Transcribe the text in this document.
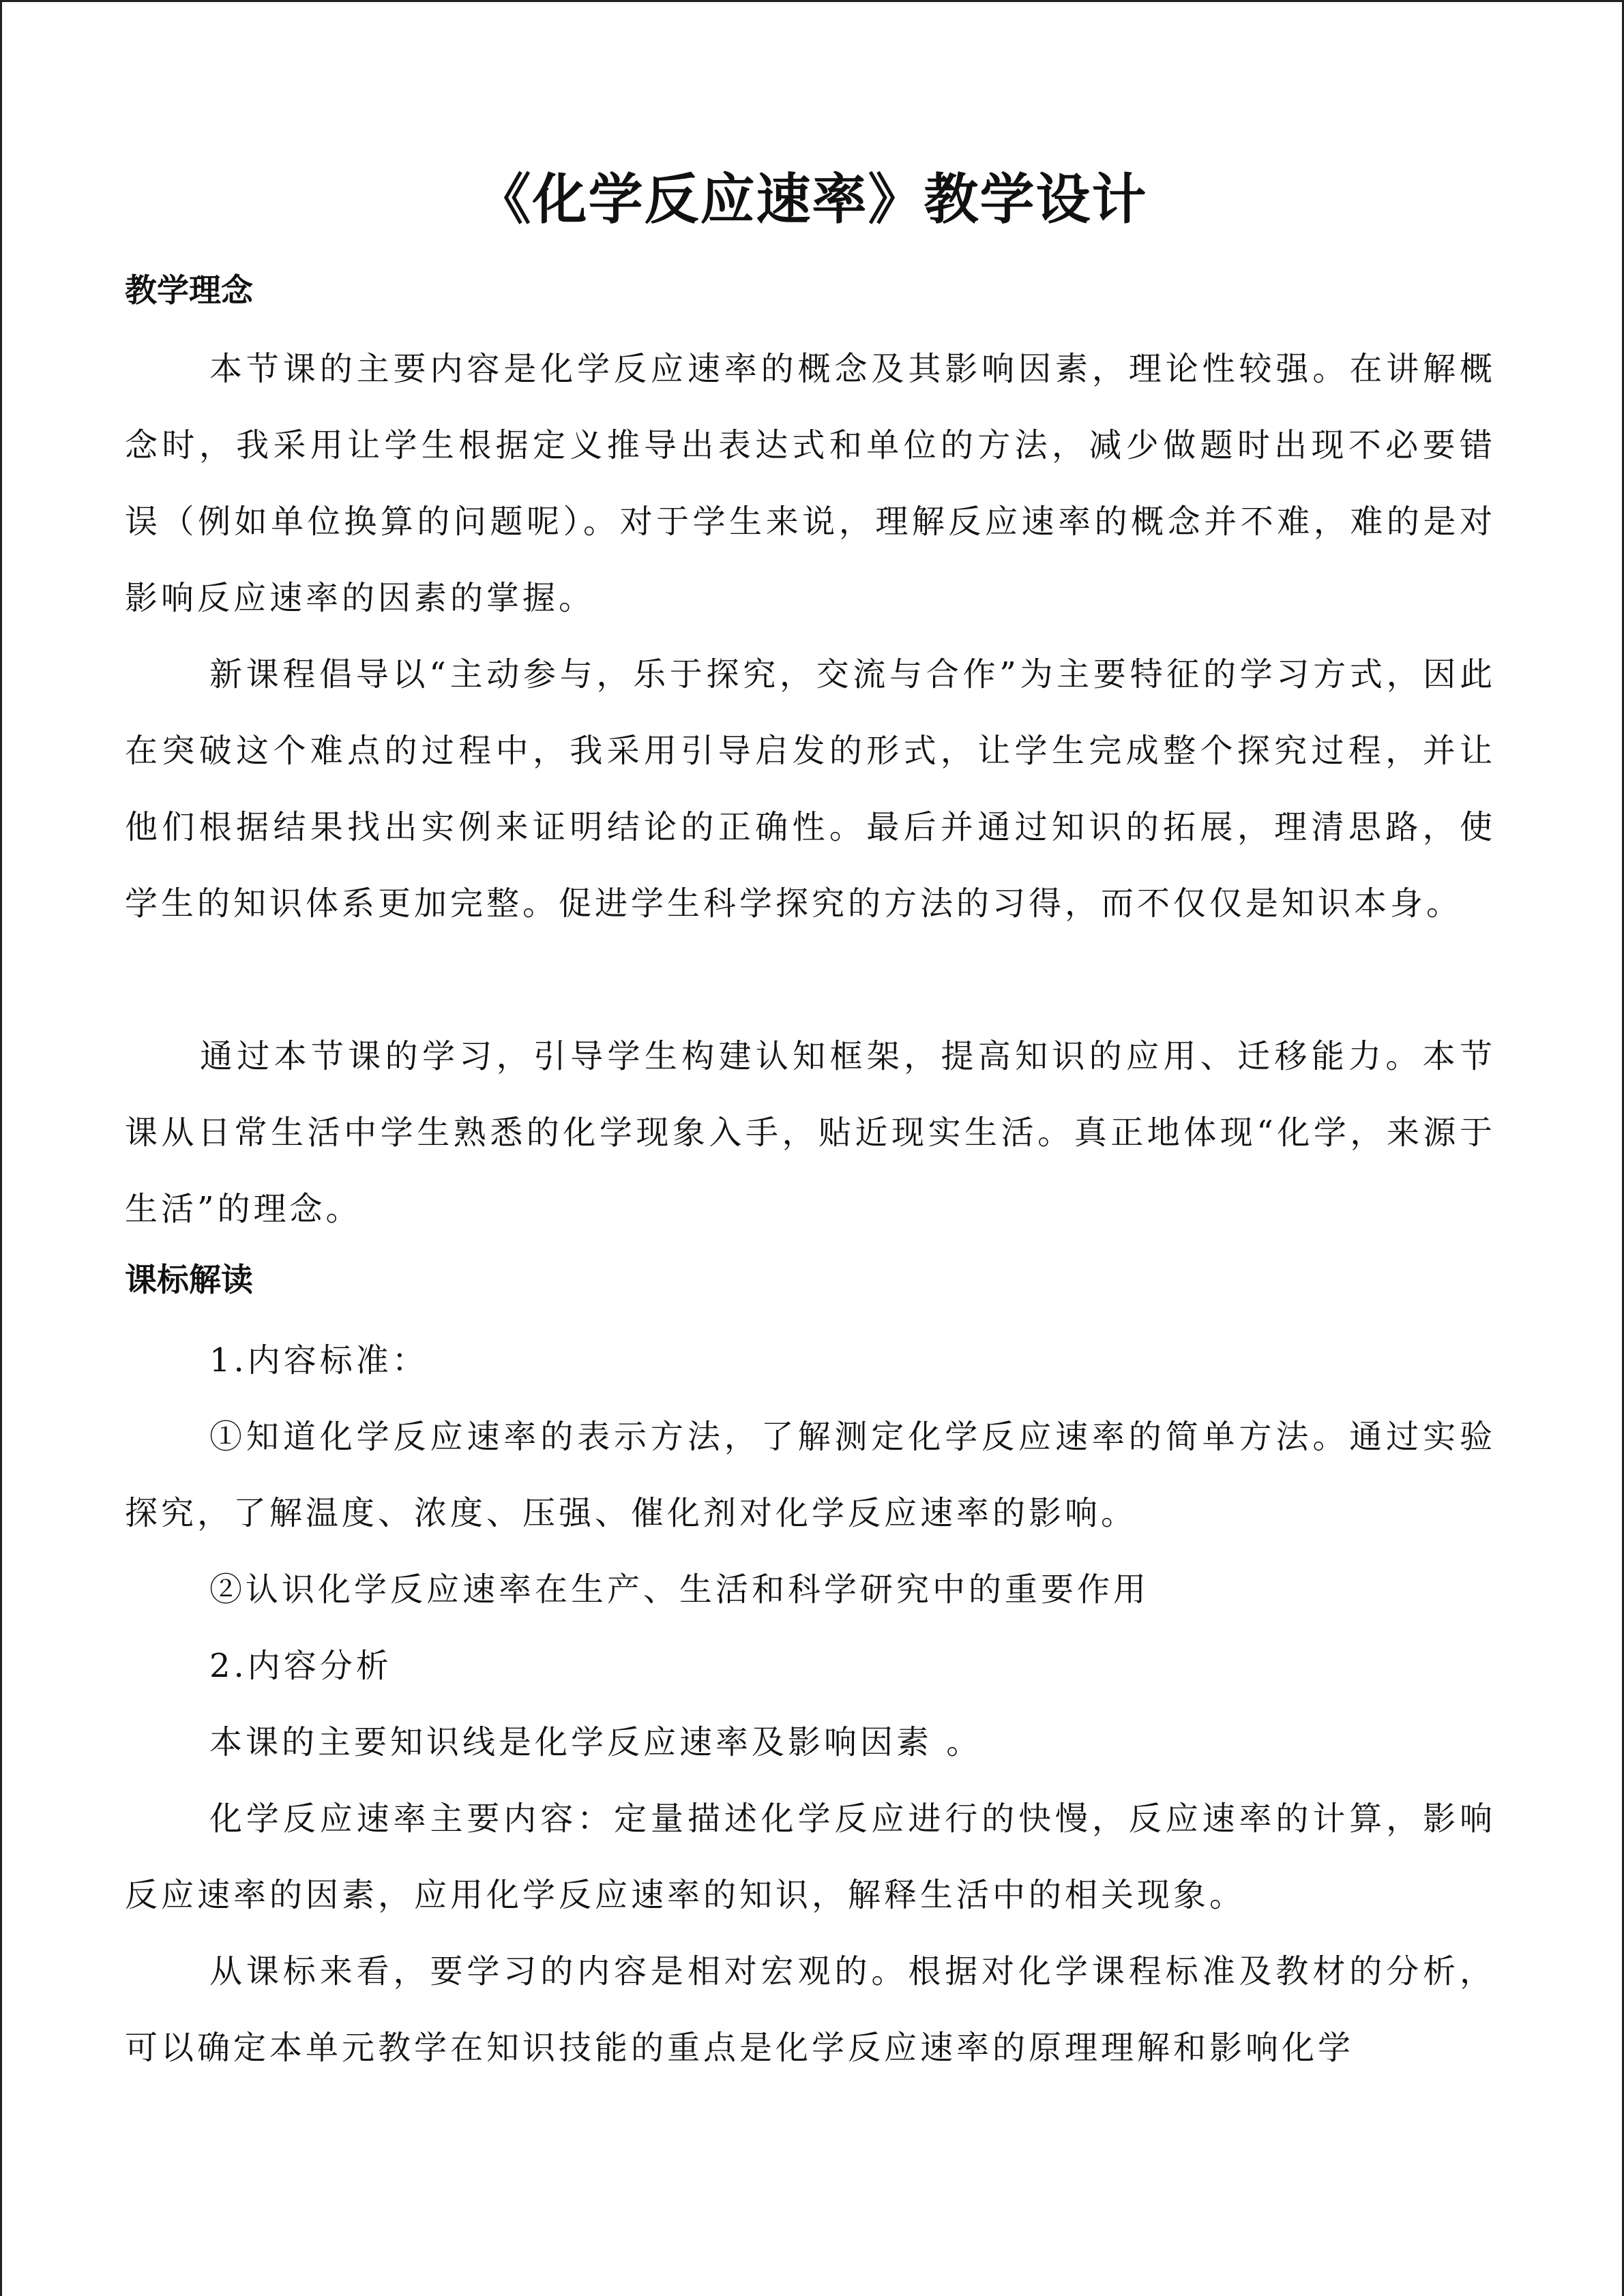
《化学反应速率》教学设计
教学理念

本节课的主要内容是化学反应速率的概念及其影响因素，理论性较强。在讲解概念时，我采用让学生根据定义推导出表达式和单位的方法，减少做题时出现不必要错误（例如单位换算的问题呢）。对于学生来说，理解反应速率的概念并不难，难的是对影响反应速率的因素的掌握。

新课程倡导以“主动参与，乐于探究，交流与合作”为主要特征的学习方式，因此在突破这个难点的过程中，我采用引导启发的形式，让学生完成整个探究过程，并让他们根据结果找出实例来证明结论的正确性。最后并通过知识的拓展，理清思路，使学生的知识体系更加完整。促进学生科学探究的方法的习得，而不仅仅是知识本身。

通过本节课的学习，引导学生构建认知框架，提高知识的应用、迁移能力。本节课从日常生活中学生熟悉的化学现象入手，贴近现实生活。真正地体现“化学，来源于生活”的理念。

课标解读

1.内容标准：

①知道化学反应速率的表示方法，了解测定化学反应速率的简单方法。通过实验探究，了解温度、浓度、压强、催化剂对化学反应速率的影响。

②认识化学反应速率在生产、生活和科学研究中的重要作用

2.内容分析

本课的主要知识线是化学反应速率及影响因素 。

化学反应速率主要内容：定量描述化学反应进行的快慢，反应速率的计算，影响反应速率的因素，应用化学反应速率的知识，解释生活中的相关现象。

从课标来看，要学习的内容是相对宏观的。根据对化学课程标准及教材的分析，可以确定本单元教学在知识技能的重点是化学反应速率的原理理解和影响化学
